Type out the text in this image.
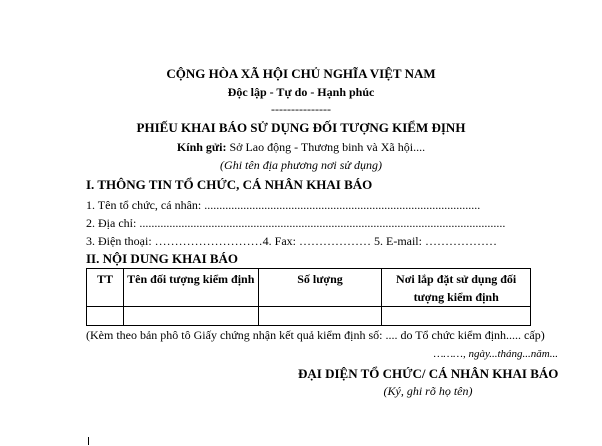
CỘNG HÒA XÃ HỘI CHỦ NGHĨA VIỆT NAM
Độc lập - Tự do - Hạnh phúc
---------------
PHIẾU KHAI BÁO SỬ DỤNG ĐỐI TƯỢNG KIỂM ĐỊNH
Kính gửi: Sở Lao động - Thương binh và Xã hội....
(Ghi tên địa phương nơi sử dụng)
I. THÔNG TIN TỔ CHỨC, CÁ NHÂN KHAI BÁO
1. Tên tổ chức, cá nhân: ............................................................................................
2. Địa chỉ: ..........................................................................................................................
3. Điện thoại: ………………………4. Fax: ……………… 5. E-mail: ………………
II. NỘI DUNG KHAI BÁO
TT	Tên đối tượng kiểm định	Số lượng	Nơi lắp đặt sử dụng đối tượng kiểm định

(Kèm theo bản phô tô Giấy chứng nhận kết quả kiểm định số: .... do Tổ chức kiểm định..... cấp)
………, ngày...tháng...năm...
ĐẠI DIỆN TỔ CHỨC/ CÁ NHÂN KHAI BÁO
(Ký, ghi rõ họ tên)
